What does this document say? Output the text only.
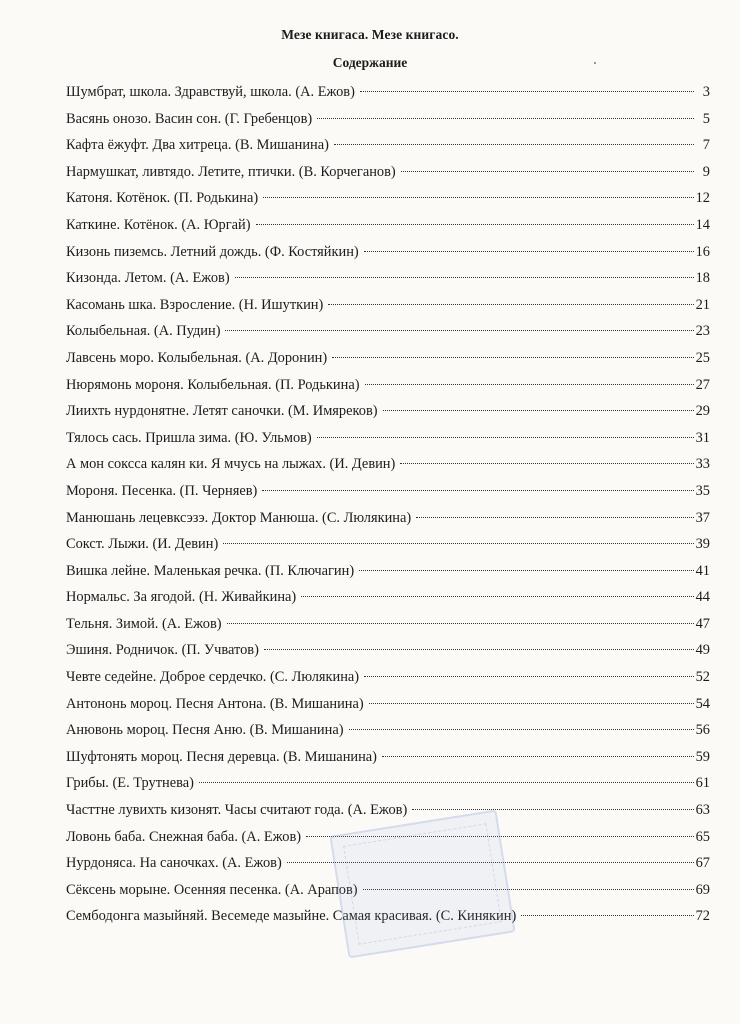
Мезе книгаса. Мезе книгасо.
Содержание
Шумбрат, школа. Здравствуй, школа. (А. Ежов)	3
Васянь онозо. Васин сон. (Г. Гребенцов)	5
Кафта ёжуфт. Два хитреца. (В. Мишанина)	7
Нармушкат, ливтядо. Летите, птички. (В. Корчеганов)	9
Катоня. Котёнок. (П. Родькина)	12
Каткине. Котёнок. (А. Юргай)	14
Кизонь пиземсь. Летний дождь. (Ф. Костяйкин)	16
Кизонда. Летом. (А. Ежов)	18
Касомань шка. Взросление. (Н. Ишуткин)	21
Колыбельная. (А. Пудин)	23
Лавсень моро. Колыбельная. (А. Доронин)	25
Нюрямонь мороня. Колыбельная. (П. Родькина)	27
Лиихть нурдонятне. Летят саночки. (М. Имяреков)	29
Тялось сась. Пришла зима. (Ю. Ульмов)	31
А мон соксса калян ки. Я мчусь на лыжах. (И. Девин)	33
Мороня. Песенка. (П. Черняев)	35
Манюшань лецевксэзэ. Доктор Манюша. (С. Люлякина)	37
Сокст. Лыжи. (И. Девин)	39
Вишка лейне. Маленькая речка. (П. Ключагин)	41
Нормальс. За ягодой. (Н. Живайкина)	44
Тельня. Зимой. (А. Ежов)	47
Эшиня. Родничок. (П. Учватов)	49
Чевте седейне. Доброе сердечко. (С. Люлякина)	52
Антононь мороц. Песня Антона. (В. Мишанина)	54
Анювонь мороц. Песня Аню. (В. Мишанина)	56
Шуфтонять мороц. Песня деревца. (В. Мишанина)	59
Грибы. (Е. Трутнева)	61
Часттне лувихть кизонят. Часы считают года. (А. Ежов)	63
Ловонь баба. Снежная баба. (А. Ежов)	65
Нурдоняса. На саночках. (А. Ежов)	67
Сёксень морыне. Осенняя песенка. (А. Арапов)	69
Сембодонга мазыйняй. Весемеде мазыйне. Самая красивая. (С. Кинякин)	72
